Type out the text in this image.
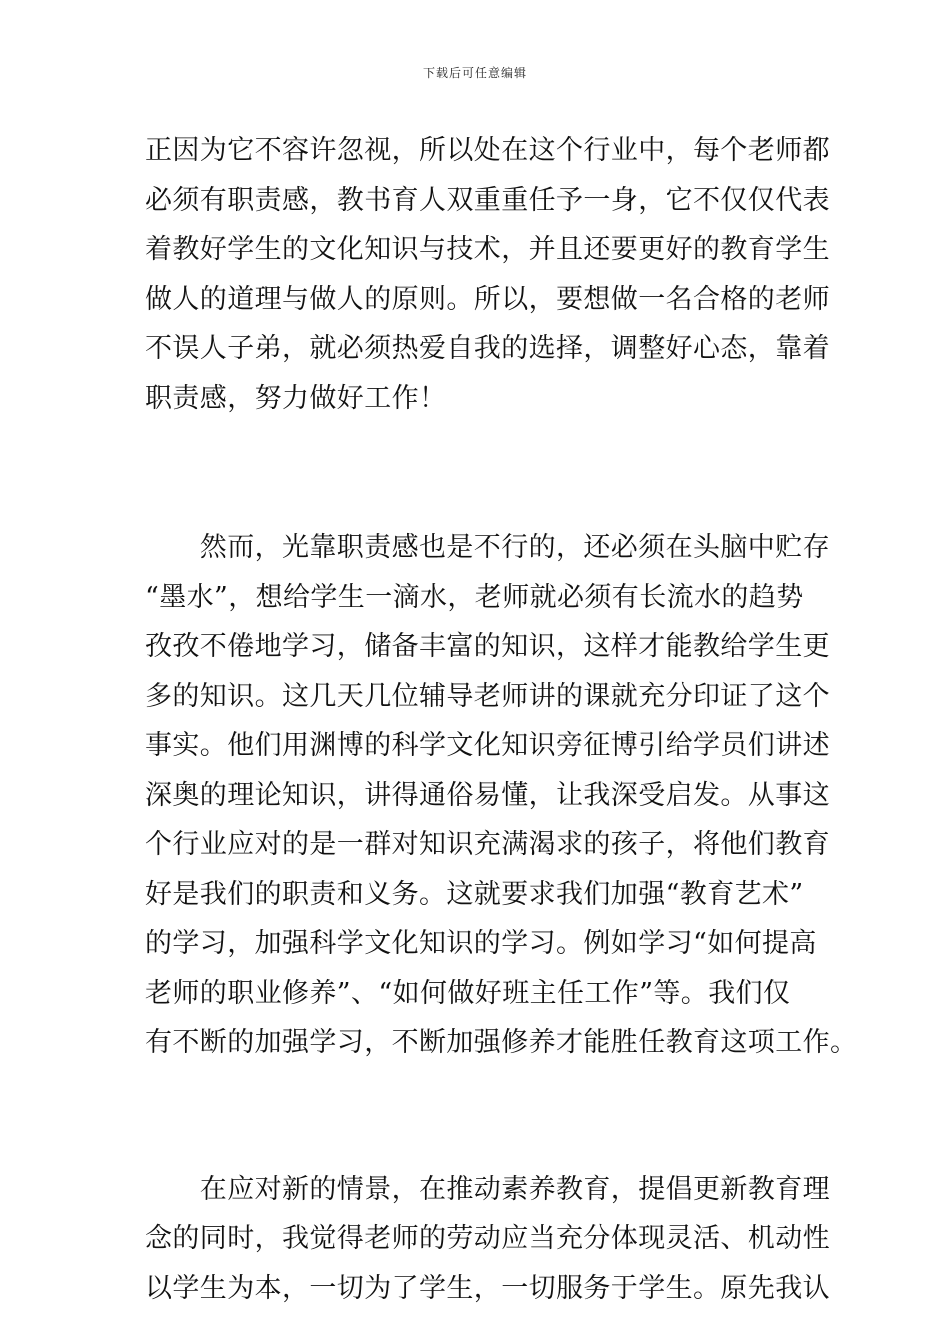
下载后可任意编辑
正因为它不容许忽视，所以处在这个行业中，每个老师都
必须有职责感，教书育人双重重任予一身，它不仅仅代表
着教好学生的文化知识与技术，并且还要更好的教育学生
做人的道理与做人的原则。所以，要想做一名合格的老师
不误人子弟，就必须热爱自我的选择，调整好心态，靠着
职责感，努力做好工作！
　　然而，光靠职责感也是不行的，还必须在头脑中贮存
“墨水”，想给学生一滴水，老师就必须有长流水的趋势
孜孜不倦地学习，储备丰富的知识，这样才能教给学生更
多的知识。这几天几位辅导老师讲的课就充分印证了这个
事实。他们用渊博的科学文化知识旁征博引给学员们讲述
深奥的理论知识，讲得通俗易懂，让我深受启发。从事这
个行业应对的是一群对知识充满渴求的孩子，将他们教育
好是我们的职责和义务。这就要求我们加强“教育艺术”
的学习，加强科学文化知识的学习。例如学习“如何提高
老师的职业修养”、“如何做好班主任工作”等。我们仅
有不断的加强学习，不断加强修养才能胜任教育这项工作。
　　在应对新的情景，在推动素养教育，提倡更新教育理
念的同时，我觉得老师的劳动应当充分体现灵活、机动性
以学生为本，一切为了学生，一切服务于学生。原先我认
